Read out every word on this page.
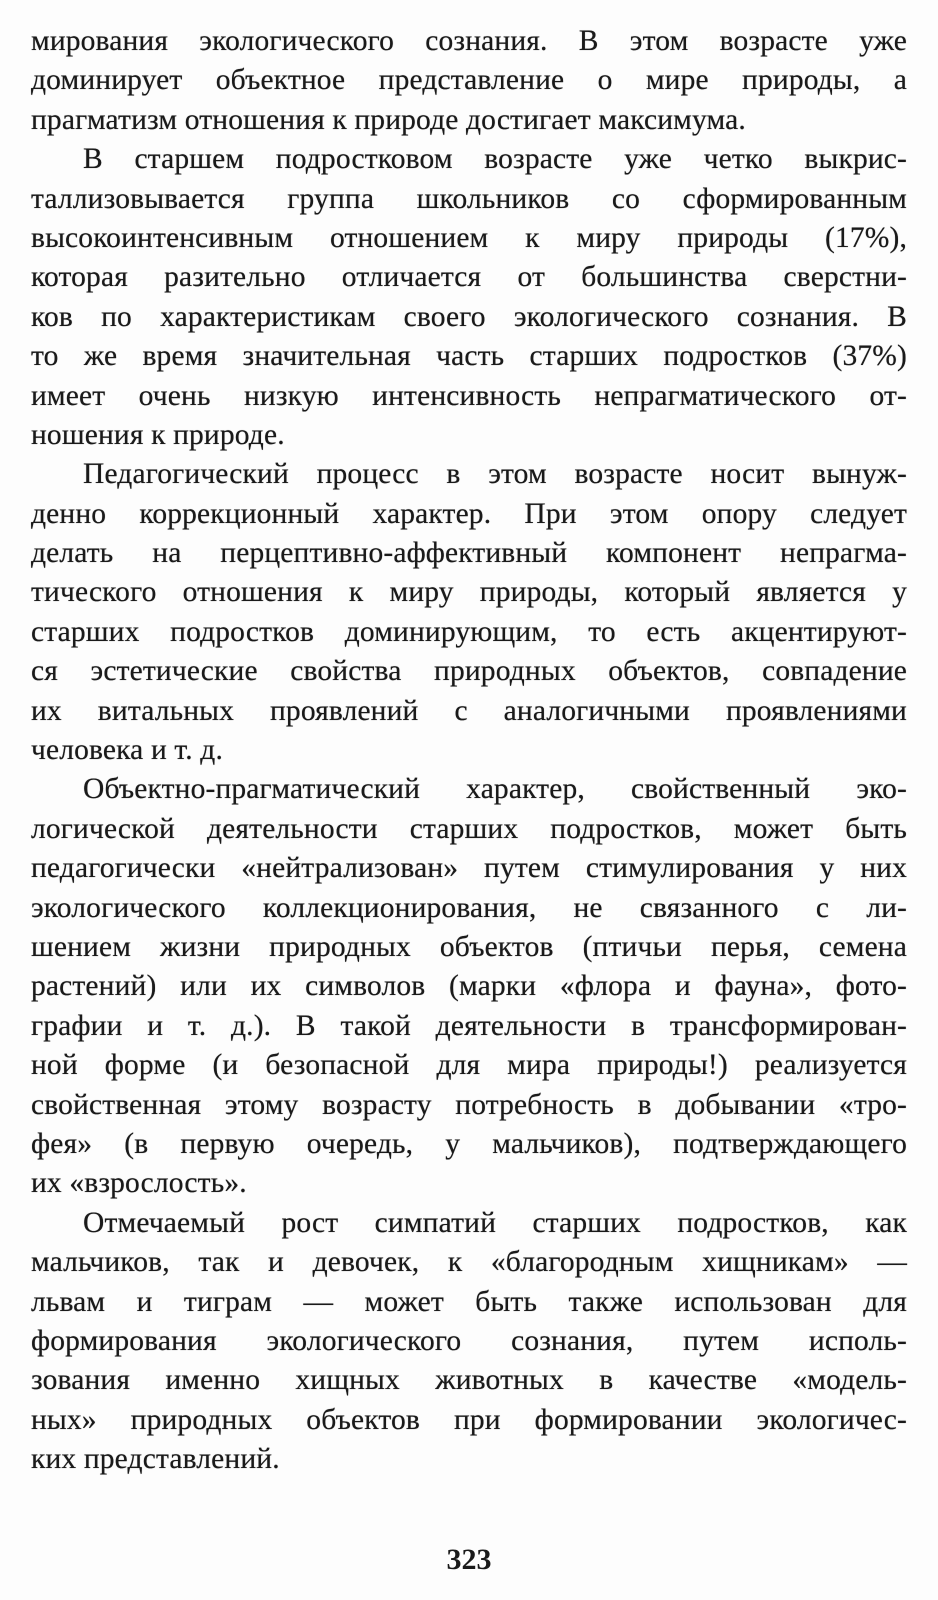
мирования экологического сознания. В этом возрасте уже
доминирует объектное представление о мире природы, а
прагматизм отношения к природе достигает максимума.
В старшем подростковом возрасте уже четко выкрис-
таллизовывается группа школьников со сформированным
высокоинтенсивным отношением к миру природы (17%),
которая разительно отличается от большинства сверстни-
ков по характеристикам своего экологического сознания. В
то же время значительная часть старших подростков (37%)
имеет очень низкую интенсивность непрагматического от-
ношения к природе.
Педагогический процесс в этом возрасте носит вынуж-
денно коррекционный характер. При этом опору следует
делать на перцептивно-аффективный компонент непрагма-
тического отношения к миру природы, который является у
старших подростков доминирующим, то есть акцентируют-
ся эстетические свойства природных объектов, совпадение
их витальных проявлений с аналогичными проявлениями
человека и т. д.
Объектно-прагматический характер, свойственный эко-
логической деятельности старших подростков, может быть
педагогически «нейтрализован» путем стимулирования у них
экологического коллекционирования, не связанного с ли-
шением жизни природных объектов (птичьи перья, семена
растений) или их символов (марки «флора и фауна», фото-
графии и т. д.). В такой деятельности в трансформирован-
ной форме (и безопасной для мира природы!) реализуется
свойственная этому возрасту потребность в добывании «тро-
фея» (в первую очередь, у мальчиков), подтверждающего
их «взрослость».
Отмечаемый рост симпатий старших подростков, как
мальчиков, так и девочек, к «благородным хищникам» —
львам и тиграм — может быть также использован для
формирования экологического сознания, путем исполь-
зования именно хищных животных в качестве «модель-
ных» природных объектов при формировании экологичес-
ких представлений.
323
